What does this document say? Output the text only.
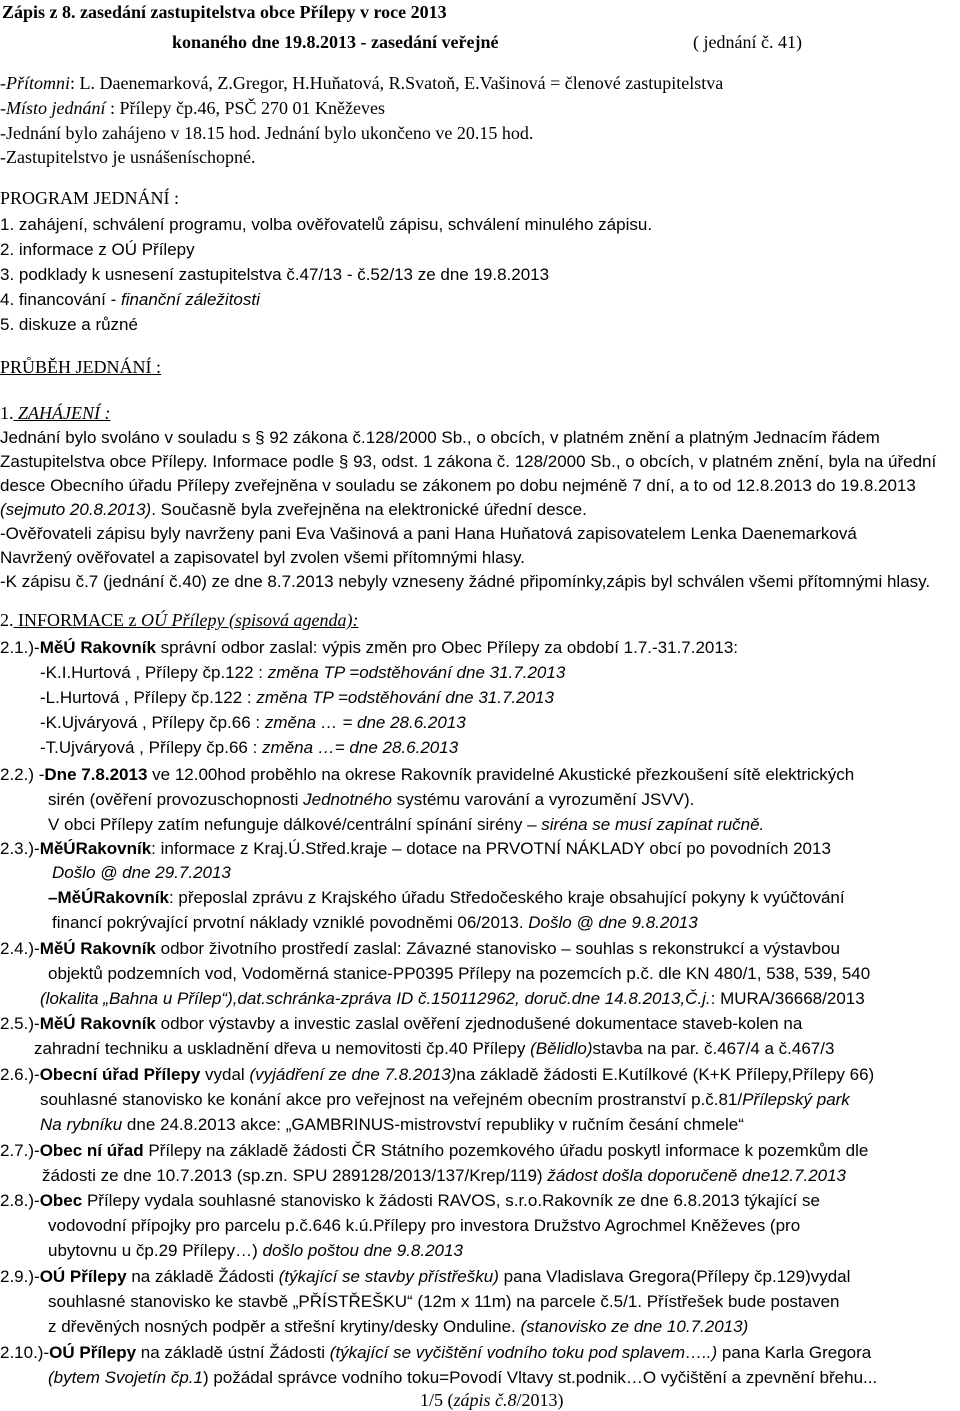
Zápis z 8. zasedání zastupitelstva obce Přílepy v roce 2013
konaného dne 19.8.2013 - zasedání veřejné	( jednání č. 41)
-Přítomni: L. Daenemarková, Z.Gregor, H.Huňatová, R.Svatoň, E.Vašinová = členové zastupitelstva
-Místo jednání : Přílepy čp.46, PSČ 270 01 Kněževes
-Jednání bylo zahájeno v 18.15 hod. Jednání bylo ukončeno ve 20.15 hod.
-Zastupitelstvo je usnášeníschopné.
PROGRAM JEDNÁNÍ :
1. zahájení, schválení programu, volba ověřovatelů zápisu, schválení minulého zápisu.
2. informace z OÚ Přílepy
3. podklady k usnesení zastupitelstva č.47/13 - č.52/13 ze dne 19.8.2013
4. financování - finanční záležitosti
5. diskuze a různé
PRŮBĚH JEDNÁNÍ :
1. ZAHÁJENÍ :
Jednání bylo svoláno v souladu s § 92 zákona č.128/2000 Sb., o obcích, v platném znění a platným Jednacím řádem
Zastupitelstva obce Přílepy. Informace podle § 93, odst. 1 zákona č. 128/2000 Sb., o obcích, v platném znění, byla na úřední
desce Obecního úřadu Přílepy zveřejněna v souladu se zákonem po dobu nejméně 7 dní, a to od 12.8.2013 do 19.8.2013
(sejmuto 20.8.2013). Současně byla zveřejněna na elektronické úřední desce.
-Ověřovateli zápisu byly navrženy pani Eva Vašinová a pani Hana Huňatová zapisovatelem Lenka Daenemarková
Navržený ověřovatel a zapisovatel byl zvolen všemi přítomnými hlasy.
-K zápisu č.7 (jednání č.40) ze dne 8.7.2013 nebyly vzneseny žádné připomínky,zápis byl schválen všemi přítomnými hlasy.
2. INFORMACE z OÚ Přílepy (spisová agenda):
2.1.)-MěÚ Rakovník správní odbor zaslal: výpis změn pro Obec Přílepy za období 1.7.-31.7.2013:
-K.I.Hurtová , Přílepy čp.122 : změna TP =odstěhování dne 31.7.2013
-L.Hurtová , Přílepy čp.122 : změna TP =odstěhování dne 31.7.2013
-K.Ujváryová , Přílepy čp.66 : změna … = dne 28.6.2013
-T.Ujváryová , Přílepy čp.66 : změna …= dne 28.6.2013
2.2.) -Dne 7.8.2013 ve 12.00hod proběhlo na okrese Rakovník pravidelné Akustické přezkoušení sítě elektrických
sirén (ověření provozuschopnosti Jednotného systému varování a vyrozumění JSVV).
V obci Přílepy zatím nefunguje dálkové/centrální spínání sirény – siréna se musí zapínat ručně.
2.3.)-MěÚRakovník: informace z Kraj.Ú.Střed.kraje – dotace na PRVOTNÍ NÁKLADY obcí po povodních 2013
Došlo @ dne 29.7.2013
–MěÚRakovník: přeposlal zprávu z Krajského úřadu Středočeského kraje obsahující pokyny k vyúčtování
financí pokrývající prvotní náklady vzniklé povodněmi 06/2013. Došlo @ dne 9.8.2013
2.4.)-MěÚ Rakovník odbor životního prostředí zaslal: Závazné stanovisko – souhlas s rekonstrukcí a výstavbou
objektů podzemních vod, Vodoměrná stanice-PP0395 Přílepy na pozemcích p.č. dle KN 480/1, 538, 539, 540
(lokalita „Bahna u Přílep“),dat.schránka-zpráva ID č.150112962, doruč.dne 14.8.2013,Č.j.: MURA/36668/2013
2.5.)-MěÚ Rakovník odbor výstavby a investic zaslal ověření zjednodušené dokumentace staveb-kolen na
zahradní techniku a uskladnění dřeva u nemovitosti čp.40 Přílepy (Bělidlo)stavba na par. č.467/4 a č.467/3
2.6.)-Obecní úřad Přílepy vydal (vyjádření ze dne 7.8.2013)na základě žádosti E.Kutílkové (K+K Přílepy,Přílepy 66)
souhlasné stanovisko ke konání akce pro veřejnost na veřejném obecním prostranství p.č.81/Přílepský park
Na rybníku dne 24.8.2013 akce: „GAMBRINUS-mistrovství republiky v ručním česání chmele“
2.7.)-Obec ní úřad Přílepy na základě žádosti ČR Státního pozemkového úřadu poskytl informace k pozemkům dle
žádosti ze dne 10.7.2013 (sp.zn. SPU 289128/2013/137/Krep/119) žádost došla doporučeně dne12.7.2013
2.8.)-Obec Přílepy vydala souhlasné stanovisko k žádosti RAVOS, s.r.o.Rakovník ze dne 6.8.2013 týkající se
vodovodní přípojky pro parcelu p.č.646 k.ú.Přílepy pro investora Družstvo Agrochmel Kněževes (pro
ubytovnu u čp.29 Přílepy…) došlo poštou dne 9.8.2013
2.9.)-OÚ Přílepy na základě Žádosti (týkající se stavby přístřešku) pana Vladislava Gregora(Přílepy čp.129)vydal
souhlasné stanovisko ke stavbě „PŘÍSTŘEŠKU“ (12m x 11m) na parcele č.5/1. Přístřešek bude postaven
z dřevěných nosných podpěr a střešní krytiny/desky Onduline. (stanovisko ze dne 10.7.2013)
2.10.)-OÚ Přílepy na základě ústní Žádosti (týkající se vyčištění vodního toku pod splavem…..) pana Karla Gregora
(bytem Svojetín čp.1) požádal správce vodního toku=Povodí Vltavy st.podnik…O vyčištění a zpevnění břehu...
1/5 (zápis č.8/2013)
